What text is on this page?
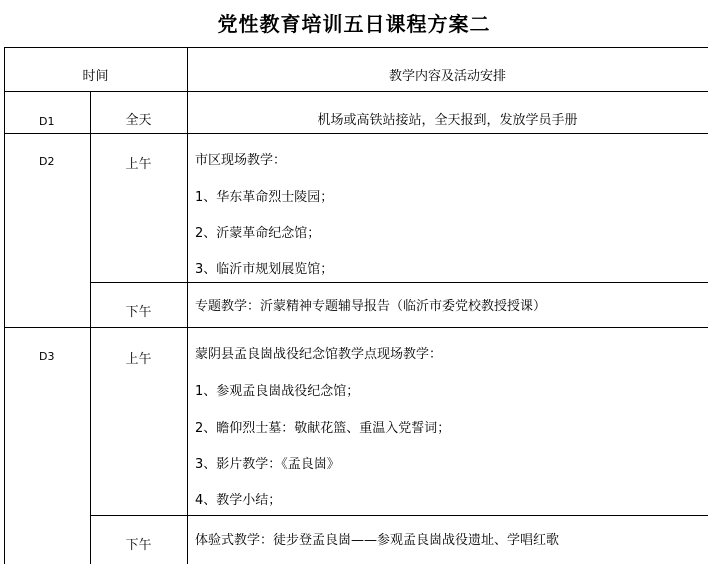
党性教育培训五日课程方案二
时间	教学内容及活动安排
D1	全天	机场或高铁站接站，全天报到，发放学员手册
D2	上午	市区现场教学：
1、华东革命烈士陵园；
2、沂蒙革命纪念馆；
3、临沂市规划展览馆；
下午	专题教学：沂蒙精神专题辅导报告（临沂市委党校教授授课）
D3	上午	蒙阴县孟良崮战役纪念馆教学点现场教学：
1、参观孟良崮战役纪念馆；
2、瞻仰烈士墓：敬献花篮、重温入党誓词；
3、影片教学：《孟良崮》
4、教学小结；
下午	体验式教学：徒步登孟良崮——参观孟良崮战役遗址、学唱红歌
